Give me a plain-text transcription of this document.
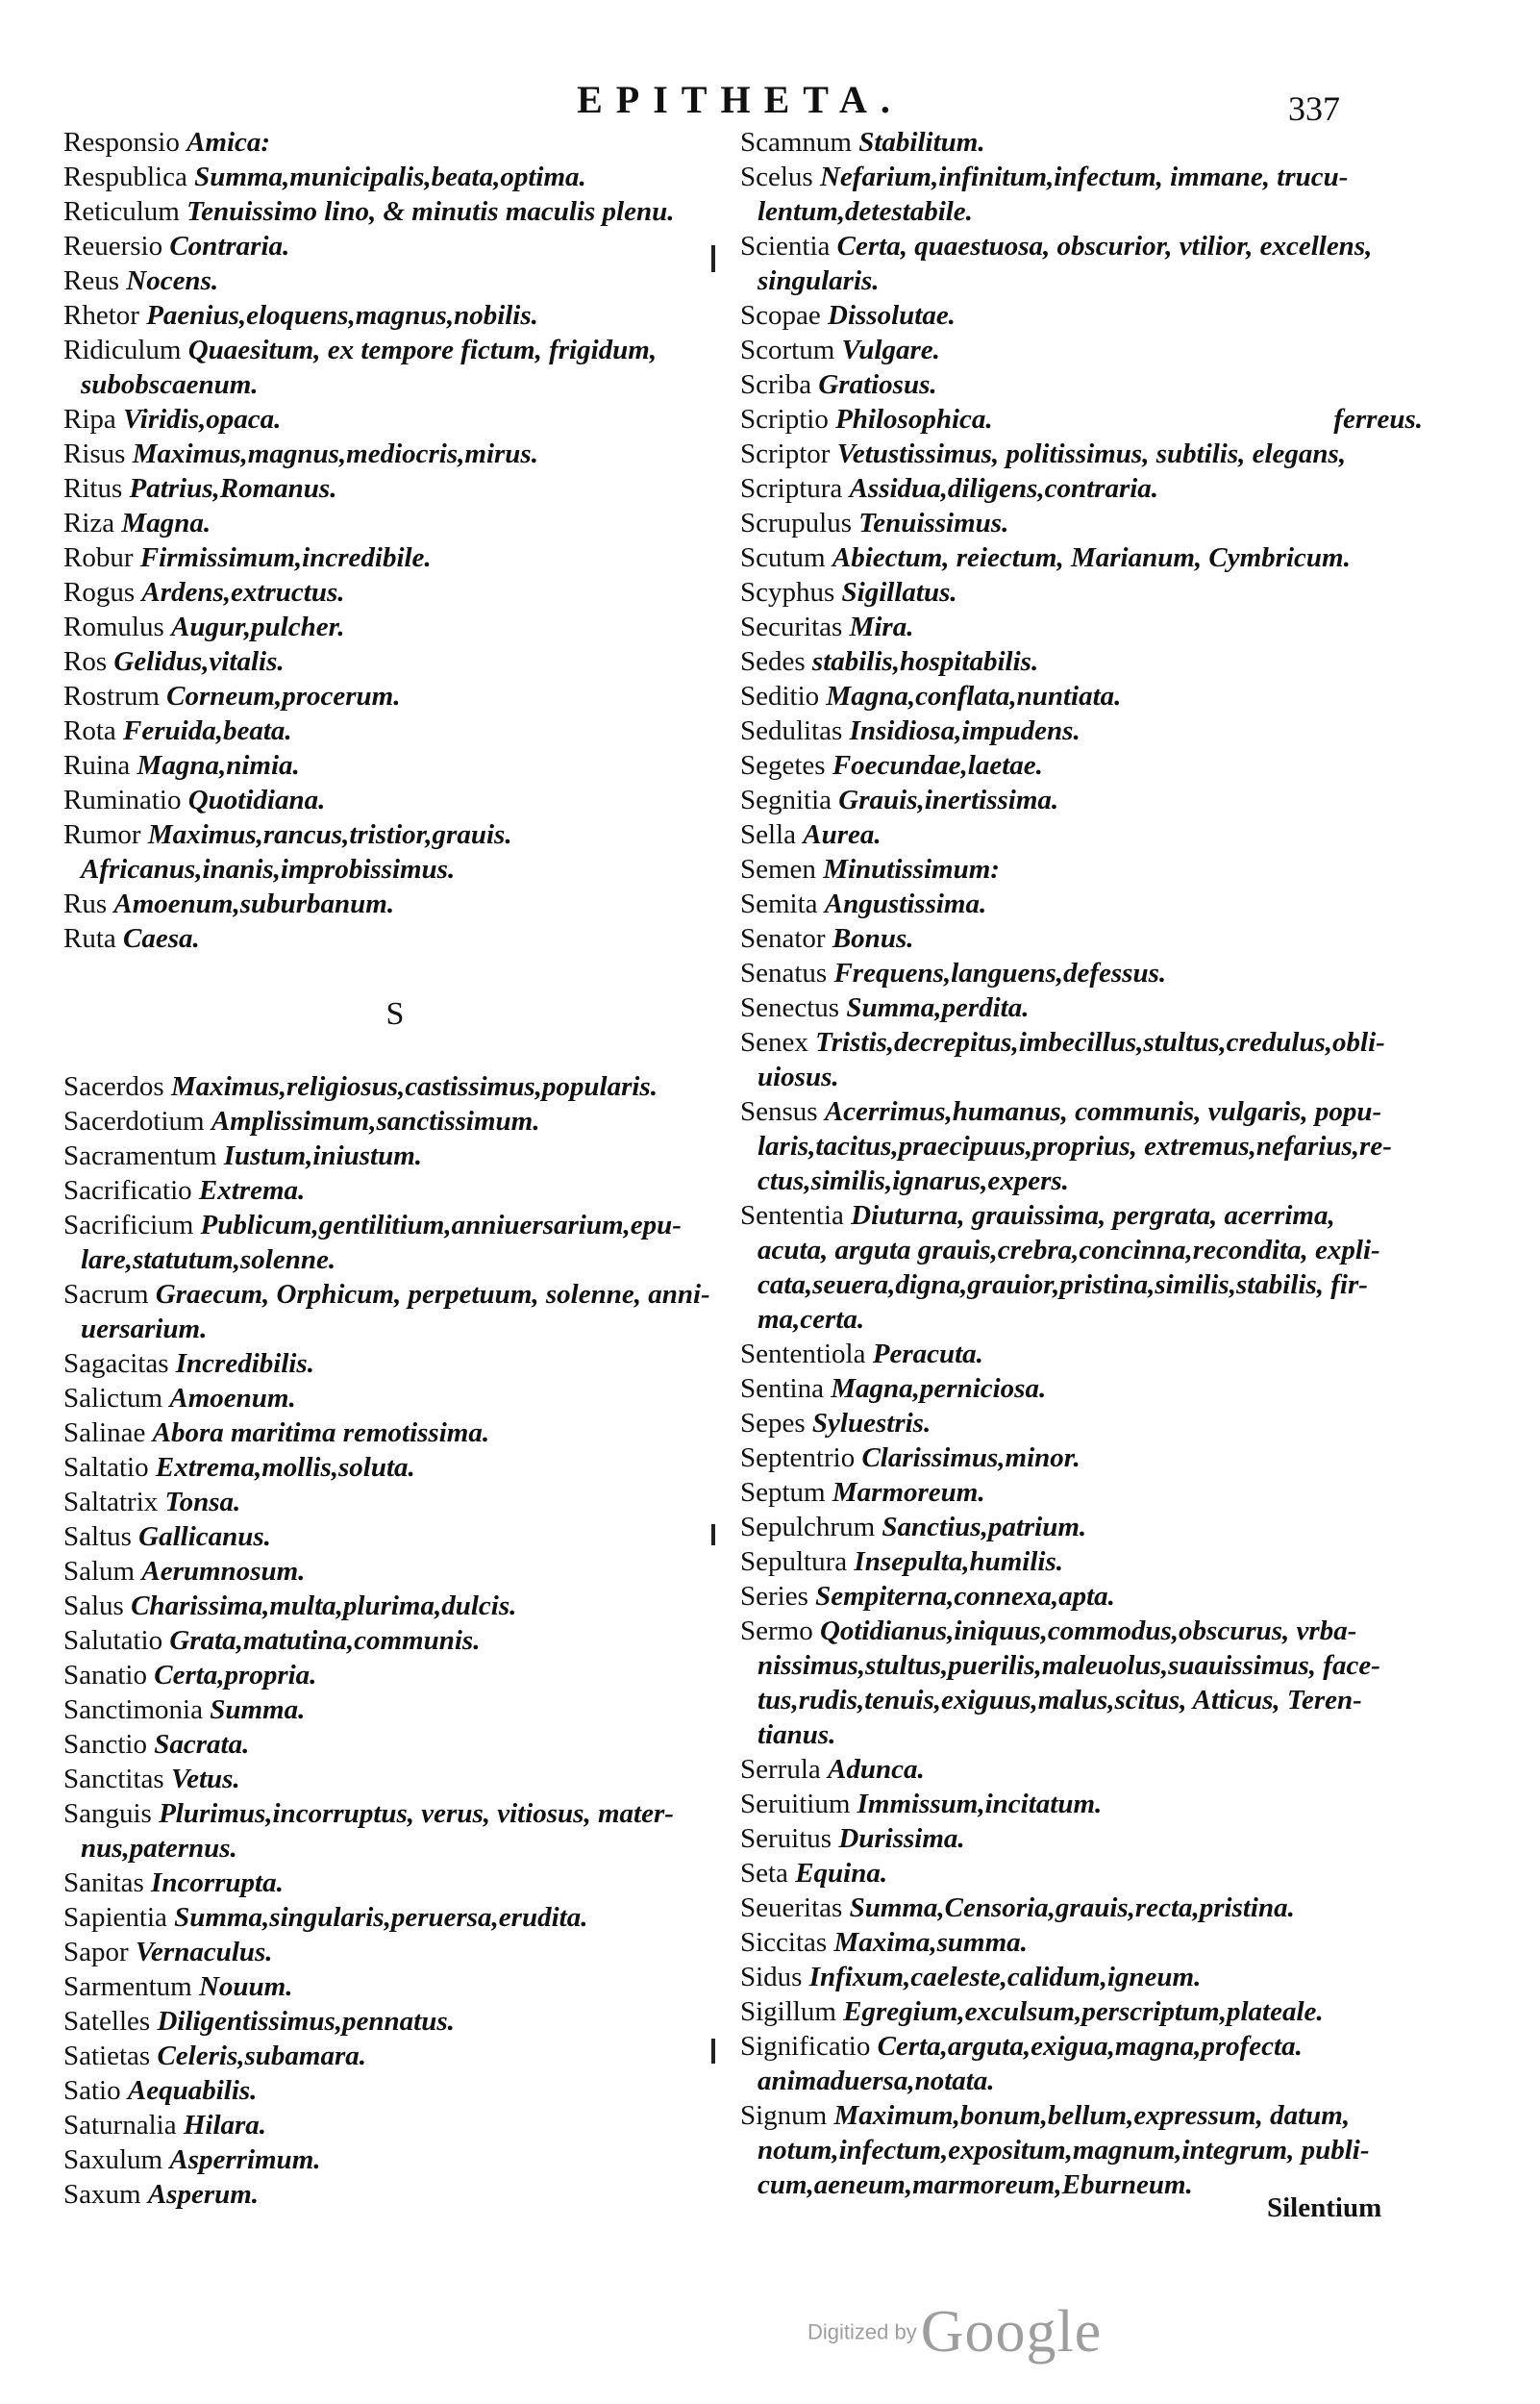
EPITHETA.	337
Responsio Amica:
Respublica Summa,municipalis,beata,optima.
Reticulum Tenuissimo lino, & minutis maculis plenu.
Reuersio Contraria.
Reus Nocens.
Rhetor Paenius,eloquens,magnus,nobilis.
Ridiculum Quaesitum, ex tempore fictum, frigidum,
subobscaenum.
Ripa Viridis,opaca.
Risus Maximus,magnus,mediocris,mirus.
Ritus Patrius,Romanus.
Riza Magna.
Robur Firmissimum,incredibile.
Rogus Ardens,extructus.
Romulus Augur,pulcher.
Ros Gelidus,vitalis.
Rostrum Corneum,procerum.
Rota Feruida,beata.
Ruina Magna,nimia.
Ruminatio Quotidiana.
Rumor Maximus,rancus,tristior,grauis.
Africanus,inanis,improbissimus.
Rus Amoenum,suburbanum.
Ruta Caesa.
S
Sacerdos Maximus,religiosus,castissimus,popularis.
Sacerdotium Amplissimum,sanctissimum.
Sacramentum Iustum,iniustum.
Sacrificatio Extrema.
Sacrificium Publicum,gentilitium,anniuersarium,epu-
lare,statutum,solenne.
Sacrum Graecum, Orphicum, perpetuum, solenne, anni-
uersarium.
Sagacitas Incredibilis.
Salictum Amoenum.
Salinae Abora maritima remotissima.
Saltatio Extrema,mollis,soluta.
Saltatrix Tonsa.
Saltus Gallicanus.
Salum Aerumnosum.
Salus Charissima,multa,plurima,dulcis.
Salutatio Grata,matutina,communis.
Sanatio Certa,propria.
Sanctimonia Summa.
Sanctio Sacrata.
Sanctitas Vetus.
Sanguis Plurimus,incorruptus, verus, vitiosus, mater-
nus,paternus.
Sanitas Incorrupta.
Sapientia Summa,singularis,peruersa,erudita.
Sapor Vernaculus.
Sarmentum Nouum.
Satelles Diligentissimus,pennatus.
Satietas Celeris,subamara.
Satio Aequabilis.
Saturnalia Hilara.
Saxulum Asperrimum.
Saxum Asperum.
Scamnum Stabilitum.
Scelus Nefarium,infinitum,infectum, immane, trucu-
lentum,detestabile.
Scientia Certa, quaestuosa, obscurior, vtilior, excellens,
singularis.
Scopae Dissolutae.
Scortum Vulgare.
Scriba Gratiosus.
Scriptio Philosophica.	ferreus.
Scriptor Vetustissimus, politissimus, subtilis, elegans,
Scriptura Assidua,diligens,contraria.
Scrupulus Tenuissimus.
Scutum Abiectum, reiectum, Marianum, Cymbricum.
Scyphus Sigillatus.
Securitas Mira.
Sedes stabilis,hospitabilis.
Seditio Magna,conflata,nuntiata.
Sedulitas Insidiosa,impudens.
Segetes Foecundae,laetae.
Segnitia Grauis,inertissima.
Sella Aurea.
Semen Minutissimum:
Semita Angustissima.
Senator Bonus.
Senatus Frequens,languens,defessus.
Senectus Summa,perdita.
Senex Tristis,decrepitus,imbecillus,stultus,credulus,obli-
uiosus.
Sensus Acerrimus,humanus, communis, vulgaris, popu-
laris,tacitus,praecipuus,proprius, extremus,nefarius,re-
ctus,similis,ignarus,expers.
Sententia Diuturna, grauissima, pergrata, acerrima,
acuta, arguta grauis,crebra,concinna,recondita, expli-
cata,seuera,digna,grauior,pristina,similis,stabilis, fir-
ma,certa.
Sententiola Peracuta.
Sentina Magna,perniciosa.
Sepes Syluestris.
Septentrio Clarissimus,minor.
Septum Marmoreum.
Sepulchrum Sanctius,patrium.
Sepultura Insepulta,humilis.
Series Sempiterna,connexa,apta.
Sermo Qotidianus,iniquus,commodus,obscurus, vrba-
nissimus,stultus,puerilis,maleuolus,suauissimus, face-
tus,rudis,tenuis,exiguus,malus,scitus, Atticus, Teren-
tianus.
Serrula Adunca.
Seruitium Immissum,incitatum.
Seruitus Durissima.
Seta Equina.
Seueritas Summa,Censoria,grauis,recta,pristina.
Siccitas Maxima,summa.
Sidus Infixum,caeleste,calidum,igneum.
Sigillum Egregium,exculsum,perscriptum,plateale.
Significatio Certa,arguta,exigua,magna,profecta.
animaduersa,notata.
Signum Maximum,bonum,bellum,expressum, datum,
notum,infectum,expositum,magnum,integrum, publi-
cum,aeneum,marmoreum,Eburneum.
Silentium
Digitized by Google
